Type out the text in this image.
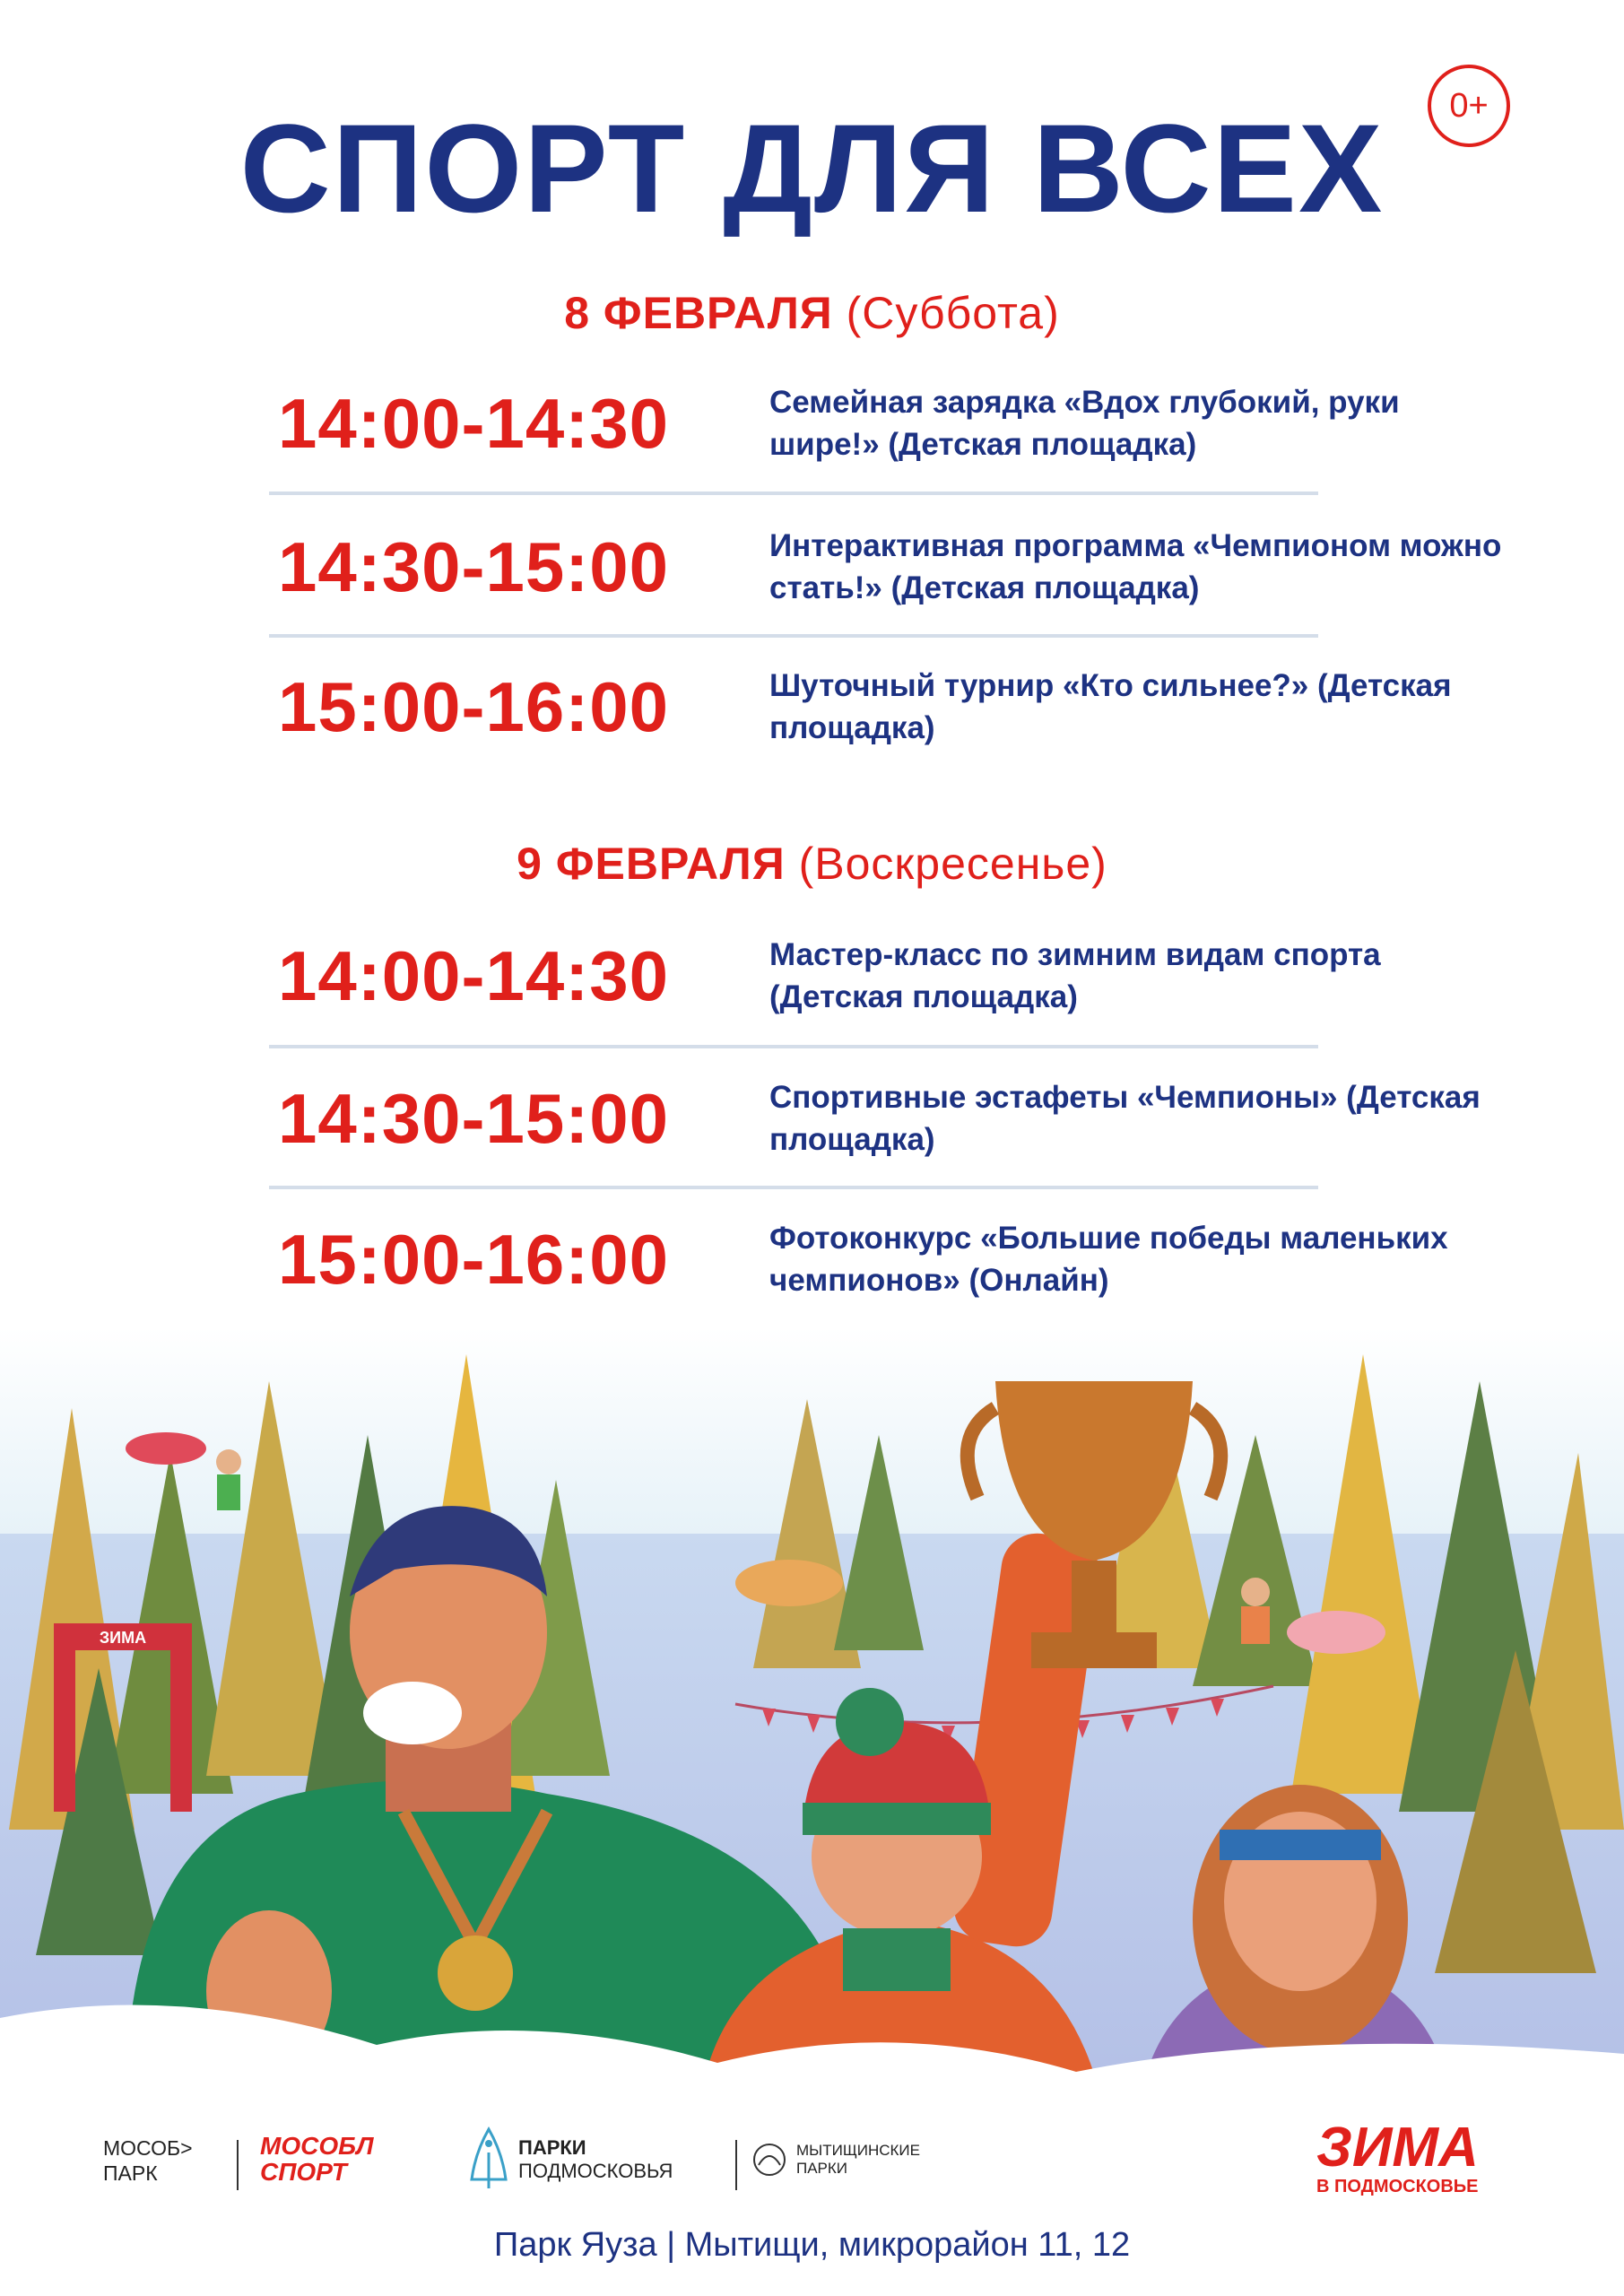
0+
СПОРТ ДЛЯ ВСЕХ
8 ФЕВРАЛЯ (Суббота)
14:00-14:30	Семейная зарядка «Вдох глубокий, руки шире!» (Детская площадка)
14:30-15:00	Интерактивная программа «Чемпионом можно стать!» (Детская площадка)
15:00-16:00	Шуточный турнир «Кто сильнее?» (Детская площадка)
9 ФЕВРАЛЯ (Воскресенье)
14:00-14:30	Мастер-класс по зимним видам спорта (Детская площадка)
14:30-15:00	Спортивные эстафеты «Чемпионы» (Детская площадка)
15:00-16:00	Фотоконкурс «Большие победы маленьких чемпионов» (Онлайн)
ЗИМА
МОСОБ>
ПАРК
МОСОБЛ
СПОРТ
ПАРКИ
ПОДМОСКОВЬЯ
МЫТИЩИНСКИЕ
ПАРКИ	ЗИМА
В ПОДМОСКОВЬЕ
Парк Яуза | Мытищи, микрорайон 11, 12
